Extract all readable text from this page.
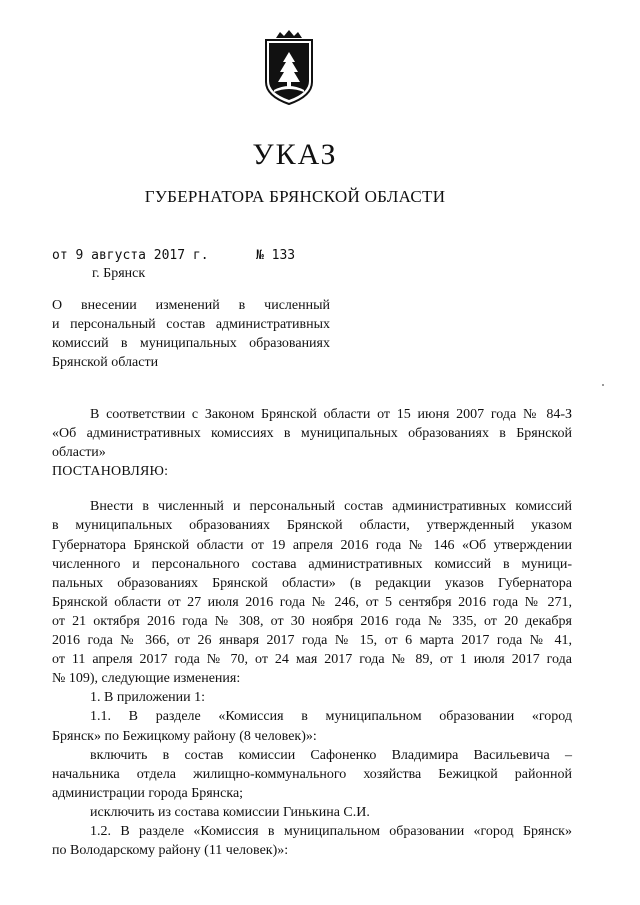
УКАЗ
ГУБЕРНАТОРА БРЯНСКОЙ ОБЛАСТИ
от 9 августа 2017 г.	№ 133
г. Брянск
О внесении изменений в численный
и персональный состав административных
комиссий в муниципальных образованиях
Брянской области
В соответствии с Законом Брянской области от 15 июня 2007 года № 84-З
«Об административных комиссиях в муниципальных образованиях в Брянской
области»

ПОСТАНОВЛЯЮ:

Внести в численный и персональный состав административных комиссий
в муниципальных образованиях Брянской области, утвержденный указом
Губернатора Брянской области от 19 апреля 2016 года № 146 «Об утверждении
численного и персонального состава административных комиссий в муници-
пальных образованиях Брянской области» (в редакции указов Губернатора
Брянской области от 27 июля 2016 года № 246, от 5 сентября 2016 года № 271,
от 21 октября 2016 года № 308, от 30 ноября 2016 года № 335, от 20 декабря
2016 года № 366, от 26 января 2017 года № 15, от 6 марта 2017 года № 41,
от 11 апреля 2017 года № 70, от 24 мая 2017 года № 89, от 1 июля 2017 года
№ 109), следующие изменения:
1. В приложении 1:
1.1. В разделе «Комиссия в муниципальном образовании «город
Брянск» по Бежицкому району (8 человек)»:
включить в состав комиссии Сафоненко Владимира Васильевича –
начальника отдела жилищно-коммунального хозяйства Бежицкой районной
администрации города Брянска;
исключить из состава комиссии Гинькина С.И.
1.2. В разделе «Комиссия в муниципальном образовании «город Брянск»
по Володарскому району (11 человек)»:
